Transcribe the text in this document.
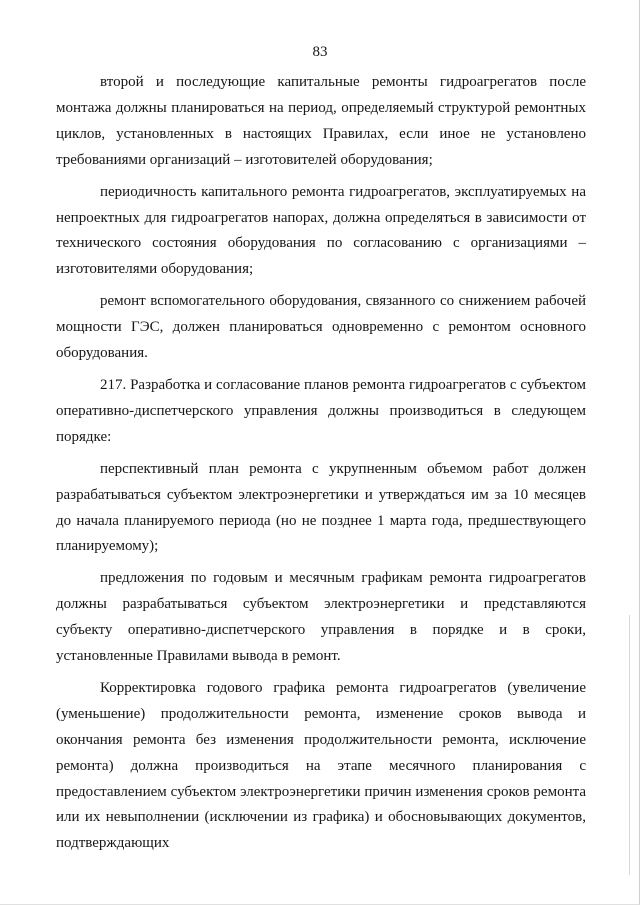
83

второй и последующие капитальные ремонты гидроагрегатов после монтажа должны планироваться на период, определяемый структурой ремонтных циклов, установленных в настоящих Правилах, если иное не установлено требованиями организаций – изготовителей оборудования;

периодичность капитального ремонта гидроагрегатов, эксплуатируемых на непроектных для гидроагрегатов напорах, должна определяться в зависимости от технического состояния оборудования по согласованию с организациями – изготовителями оборудования;

ремонт вспомогательного оборудования, связанного со снижением рабочей мощности ГЭС, должен планироваться одновременно с ремонтом основного оборудования.

217. Разработка и согласование планов ремонта гидроагрегатов с субъектом оперативно-диспетчерского управления должны производиться в следующем порядке:

перспективный план ремонта с укрупненным объемом работ должен разрабатываться субъектом электроэнергетики и утверждаться им за 10 месяцев до начала планируемого периода (но не позднее 1 марта года, предшествующего планируемому);

предложения по годовым и месячным графикам ремонта гидроагрегатов должны разрабатываться субъектом электроэнергетики и представляются субъекту оперативно-диспетчерского управления в порядке и в сроки, установленные Правилами вывода в ремонт.

Корректировка годового графика ремонта гидроагрегатов (увеличение (уменьшение) продолжительности ремонта, изменение сроков вывода и окончания ремонта без изменения продолжительности ремонта, исключение ремонта) должна производиться на этапе месячного планирования с предоставлением субъектом электроэнергетики причин изменения сроков ремонта или их невыполнении (исключении из графика) и обосновывающих документов, подтверждающих
